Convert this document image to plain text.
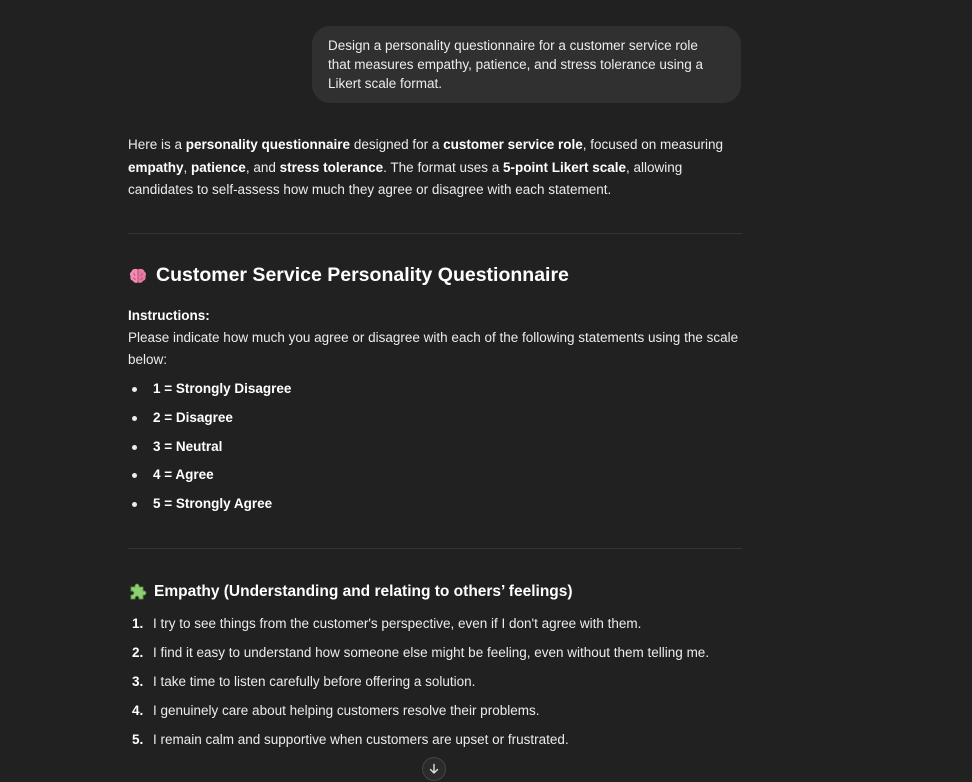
Design a personality questionnaire for a customer service role that measures empathy, patience, and stress tolerance using a Likert scale format.

Here is a personality questionnaire designed for a customer service role, focused on measuring empathy, patience, and stress tolerance. The format uses a 5-point Likert scale, allowing candidates to self-assess how much they agree or disagree with each statement.

Customer Service Personality Questionnaire
Instructions:
Please indicate how much you agree or disagree with each of the following statements using the scale below:
1 = Strongly Disagree
2 = Disagree
3 = Neutral
4 = Agree
5 = Strongly Agree
Empathy (Understanding and relating to others’ feelings)
1. I try to see things from the customer's perspective, even if I don't agree with them.
2. I find it easy to understand how someone else might be feeling, even without them telling me.
3. I take time to listen carefully before offering a solution.
4. I genuinely care about helping customers resolve their problems.
5. I remain calm and supportive when customers are upset or frustrated.
